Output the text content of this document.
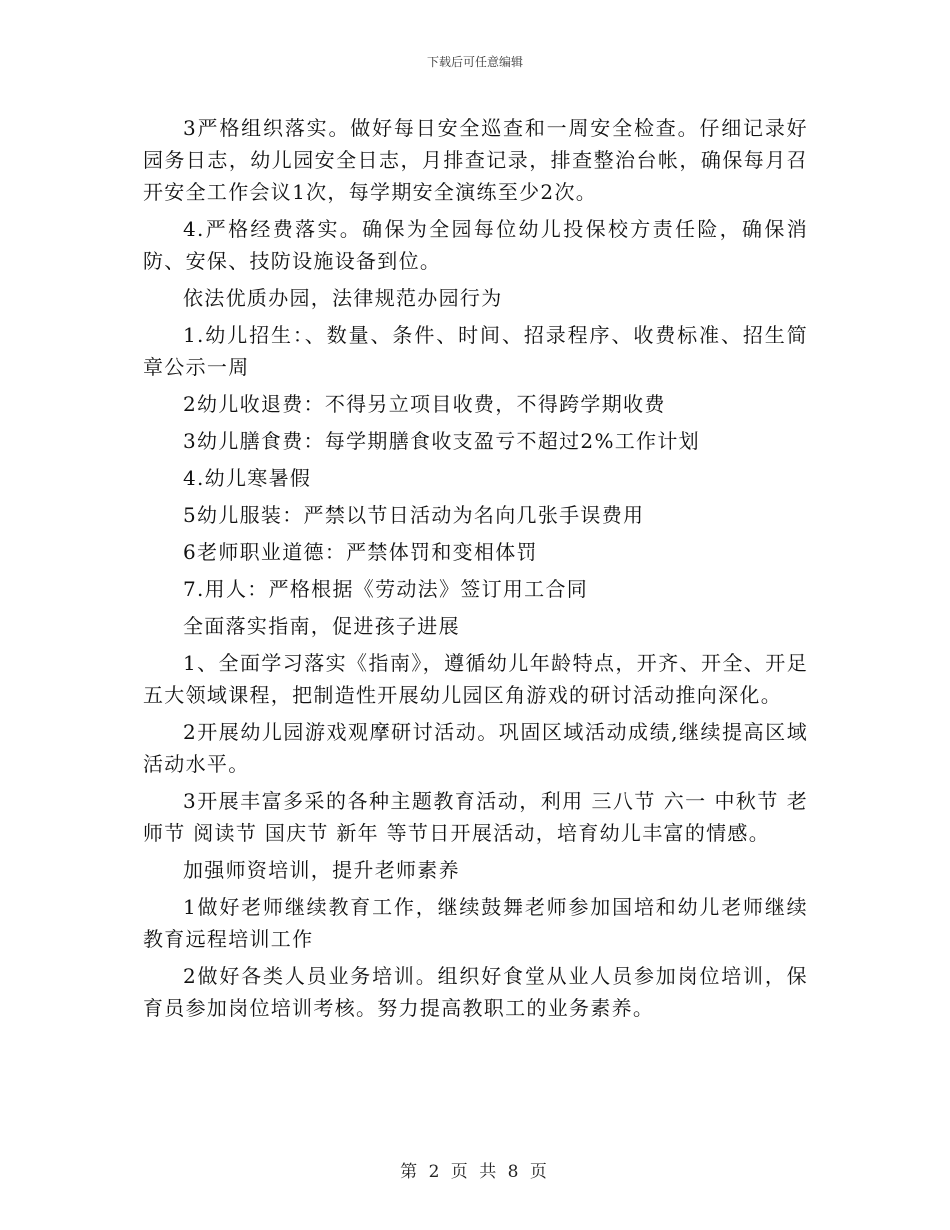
下载后可任意编辑

3严格组织落实。做好每日安全巡查和一周安全检查。仔细记录好园务日志，幼儿园安全日志，月排查记录，排查整治台帐，确保每月召开安全工作会议1次，每学期安全演练至少2次。

4.严格经费落实。确保为全园每位幼儿投保校方责任险，确保消防、安保、技防设施设备到位。

依法优质办园，法律规范办园行为

1.幼儿招生：、数量、条件、时间、招录程序、收费标准、招生简章公示一周

2幼儿收退费：不得另立项目收费，不得跨学期收费

3幼儿膳食费：每学期膳食收支盈亏不超过2%工作计划

4.幼儿寒暑假

5幼儿服装：严禁以节日活动为名向几张手误费用

6老师职业道德：严禁体罚和变相体罚

7.用人：严格根据《劳动法》签订用工合同

全面落实指南，促进孩子进展

1、全面学习落实《指南》，遵循幼儿年龄特点，开齐、开全、开足五大领域课程，把制造性开展幼儿园区角游戏的研讨活动推向深化。

2开展幼儿园游戏观摩研讨活动。巩固区域活动成绩,继续提高区域活动水平。

3开展丰富多采的各种主题教育活动，利用 三八节 六一 中秋节 老师节 阅读节 国庆节 新年 等节日开展活动，培育幼儿丰富的情感。

加强师资培训，提升老师素养

1做好老师继续教育工作，继续鼓舞老师参加国培和幼儿老师继续教育远程培训工作

2做好各类人员业务培训。组织好食堂从业人员参加岗位培训，保育员参加岗位培训考核。努力提高教职工的业务素养。

第 2 页 共 8 页
